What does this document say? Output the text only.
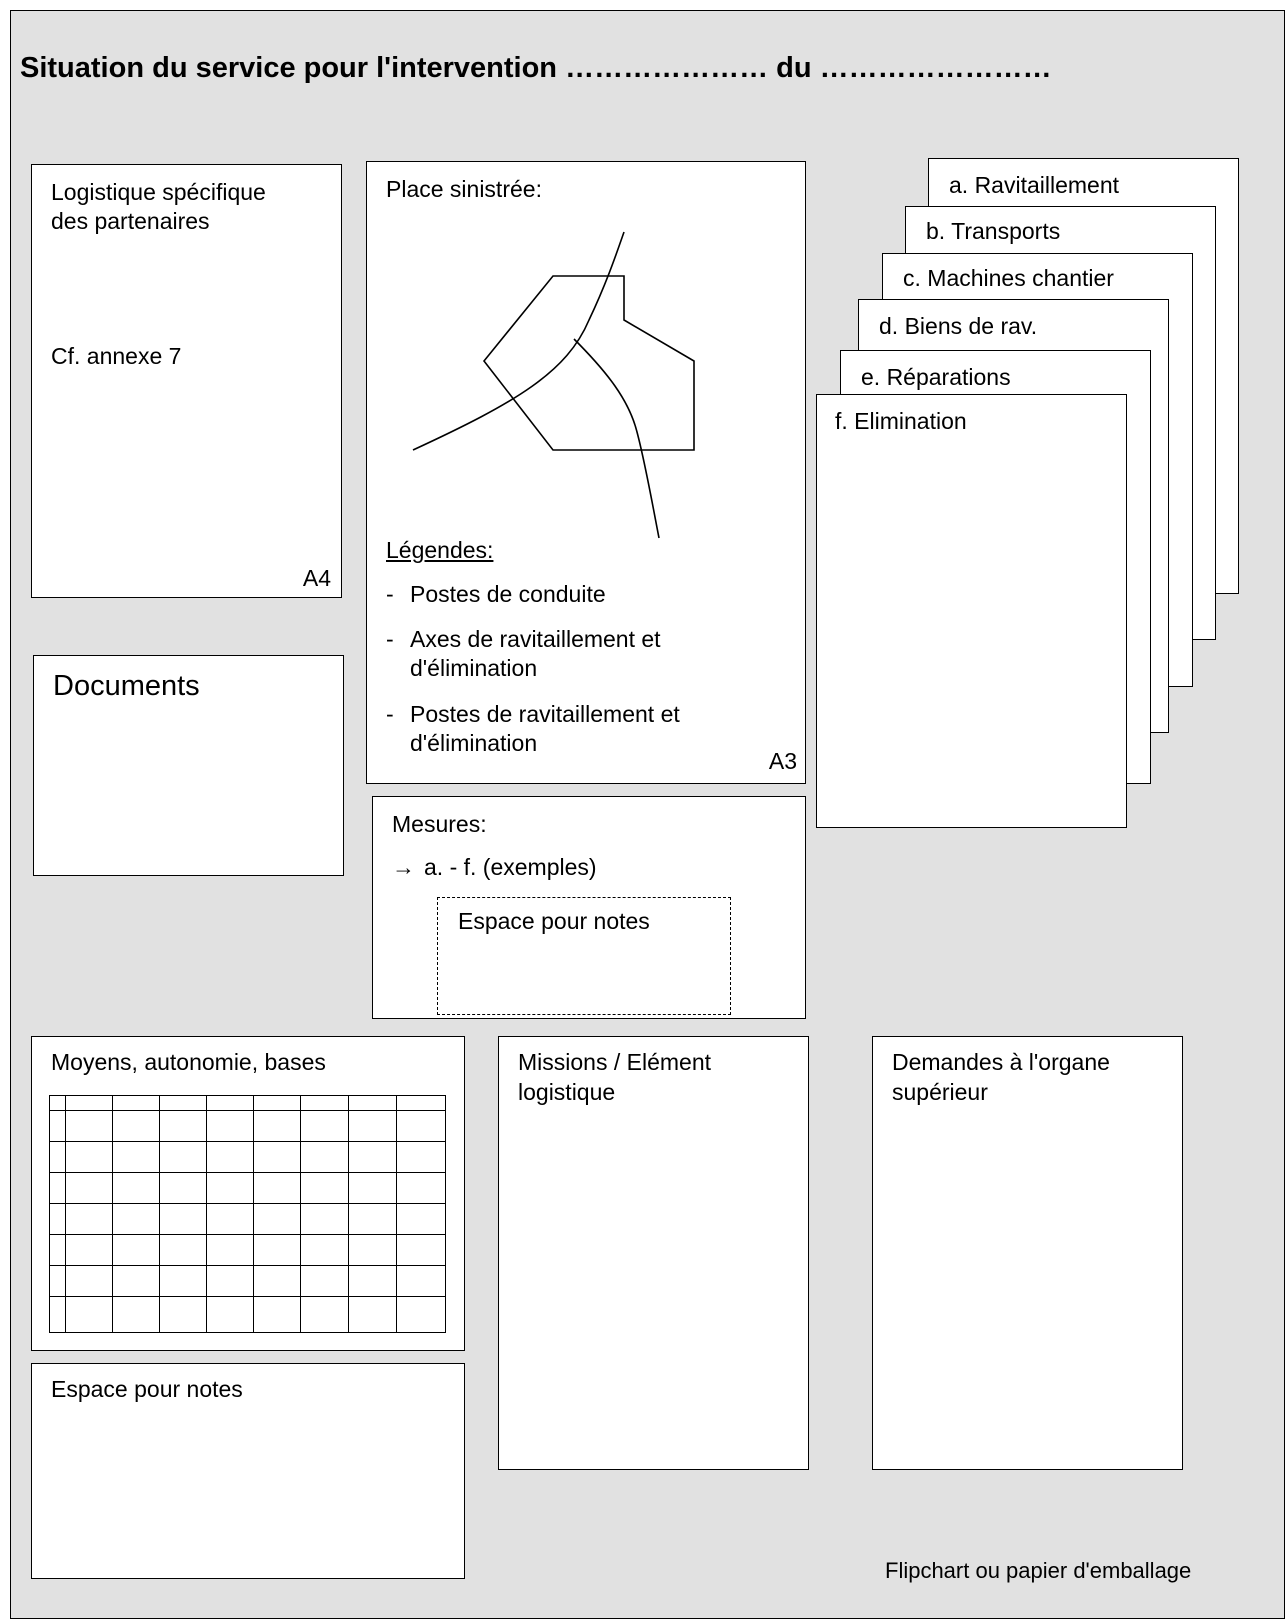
Situation du service pour l'intervention ………………… du ……………………
Logistique spécifique
des partenaires
Cf. annexe 7
A4
Documents
Place sinistrée:
Légendes:
- Postes de conduite
- Axes de ravitaillement et
d'élimination
- Postes de ravitaillement et
d'élimination
A3
Mesures:
→ a. - f. (exemples)
Espace pour notes
a. Ravitaillement
b. Transports
c. Machines chantier
d. Biens de rav.
e. Réparations
f. Elimination
Moyens, autonomie, bases

Espace pour notes
Missions / Elément
logistique
Demandes à l'organe
supérieur
Flipchart ou papier d'emballage
